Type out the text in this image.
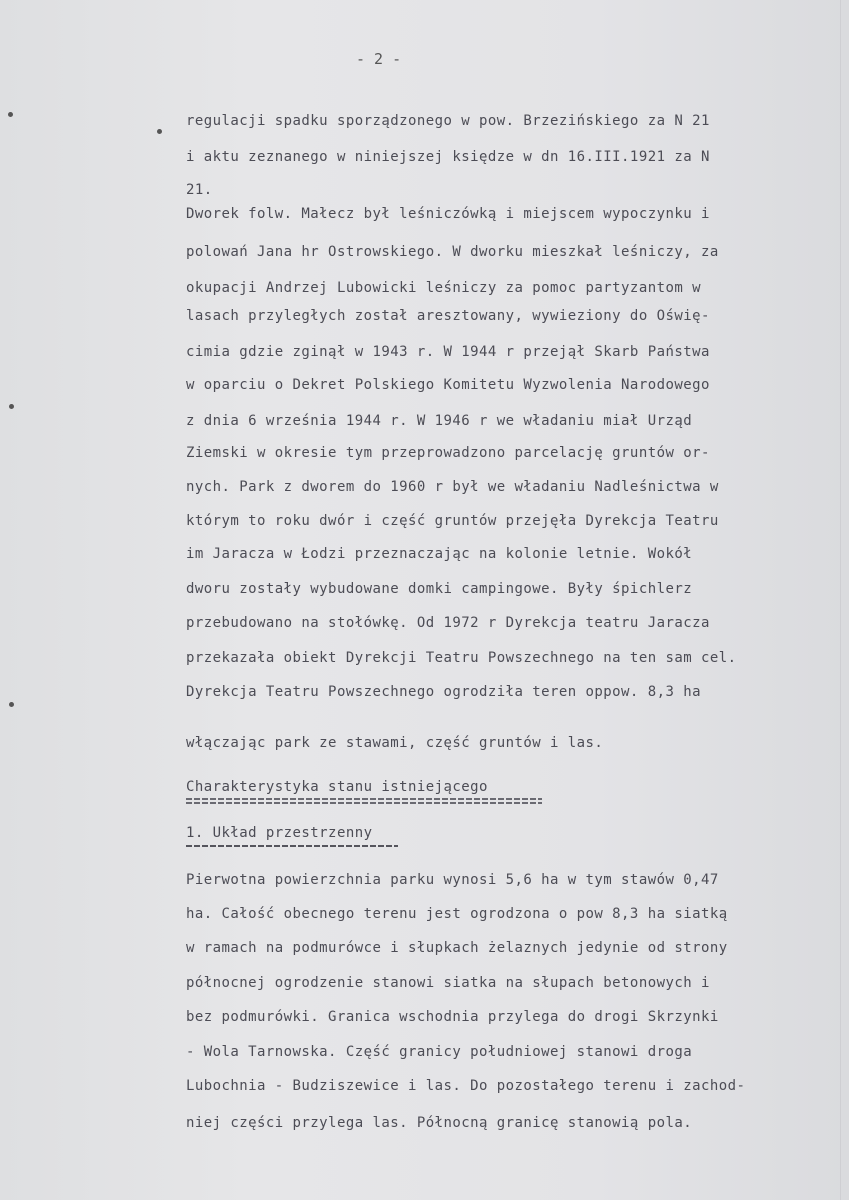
- 2 -
regulacji spadku sporządzonego w pow. Brzezińskiego za N 21
i aktu zeznanego w niniejszej księdze w dn 16.III.1921 za N
21.
Dworek folw. Małecz był leśniczówką i miejscem wypoczynku i
polowań Jana hr Ostrowskiego. W dworku mieszkał leśniczy, za
okupacji Andrzej Lubowicki leśniczy za pomoc partyzantom w
lasach przyległych został aresztowany, wywieziony do Oświę-
cimia gdzie zginął w 1943 r. W 1944 r przejął Skarb Państwa
w oparciu o Dekret Polskiego Komitetu Wyzwolenia Narodowego
z dnia 6 września 1944 r. W 1946 r we władaniu miał Urząd
Ziemski w okresie tym przeprowadzono parcelację gruntów or-
nych. Park z dworem do 1960 r był we władaniu Nadleśnictwa w
którym to roku dwór i część gruntów przejęła Dyrekcja Teatru
im Jaracza w Łodzi przeznaczając na kolonie letnie. Wokół
dworu zostały wybudowane domki campingowe. Były śpichlerz
przebudowano na stołówkę. Od 1972 r Dyrekcja teatru Jaracza
przekazała obiekt Dyrekcji Teatru Powszechnego na ten sam cel.
Dyrekcja Teatru Powszechnego ogrodziła teren oppow. 8,3 ha
włączając park ze stawami, część gruntów i las.
Charakterystyka stanu istniejącego
1. Układ przestrzenny
Pierwotna powierzchnia parku wynosi 5,6 ha w tym stawów 0,47
ha. Całość obecnego terenu jest ogrodzona o pow 8,3 ha siatką
w ramach na podmurówce i słupkach żelaznych jedynie od strony
północnej ogrodzenie stanowi siatka na słupach betonowych i
bez podmurówki. Granica wschodnia przylega do drogi Skrzynki
- Wola Tarnowska. Część granicy południowej stanowi droga
Lubochnia - Budziszewice i las. Do pozostałego terenu i zachod-
niej części przylega las. Północną granicę stanowią pola.
